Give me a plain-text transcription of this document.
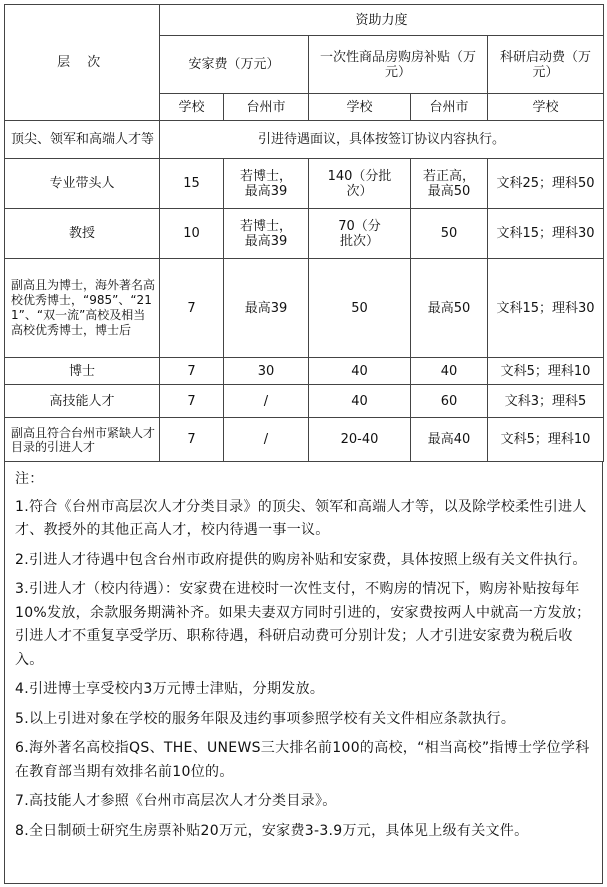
层 次	资助力度				
	安家费（万元）		一次性商品房购房补贴（万元）		科研启动费（万元）
	学校	台州市	学校	台州市	学校
顶尖、领军和高端人才等	引进待遇面议，具体按签订协议内容执行。				
专业带头人	15	若博士，最高39	140（分批次）	若正高，最高50	文科25；理科50
教授	10	若博士，最高39	70（分批次）	50	文科15；理科30
副高且为博士，海外著名高校优秀博士，“985”、“211”、“双一流”高校及相当高校优秀博士，博士后	7	最高39	50	最高50	文科15；理科30
博士	7	30	40	40	文科5；理科10
高技能人才	7	/	40	60	文科3；理科5
副高且符合台州市紧缺人才目录的引进人才	7	/	20-40	最高40	文科5；理科10

注：

1.符合《台州市高层次人才分类目录》的顶尖、领军和高端人才等，以及除学校柔性引进人才、教授外的其他正高人才，校内待遇一事一议。

2.引进人才待遇中包含台州市政府提供的购房补贴和安家费，具体按照上级有关文件执行。

3.引进人才（校内待遇）：安家费在进校时一次性支付，不购房的情况下，购房补贴按每年10%发放，余款服务期满补齐。如果夫妻双方同时引进的，安家费按两人中就高一方发放；引进人才不重复享受学历、职称待遇，科研启动费可分别计发；人才引进安家费为税后收入。

4.引进博士享受校内3万元博士津贴，分期发放。

5.以上引进对象在学校的服务年限及违约事项参照学校有关文件相应条款执行。

6.海外著名高校指QS、THE、UNEWS三大排名前100的高校，“相当高校”指博士学位学科在教育部当期有效排名前10位的。

7.高技能人才参照《台州市高层次人才分类目录》。

8.全日制硕士研究生房票补贴20万元，安家费3-3.9万元，具体见上级有关文件。
